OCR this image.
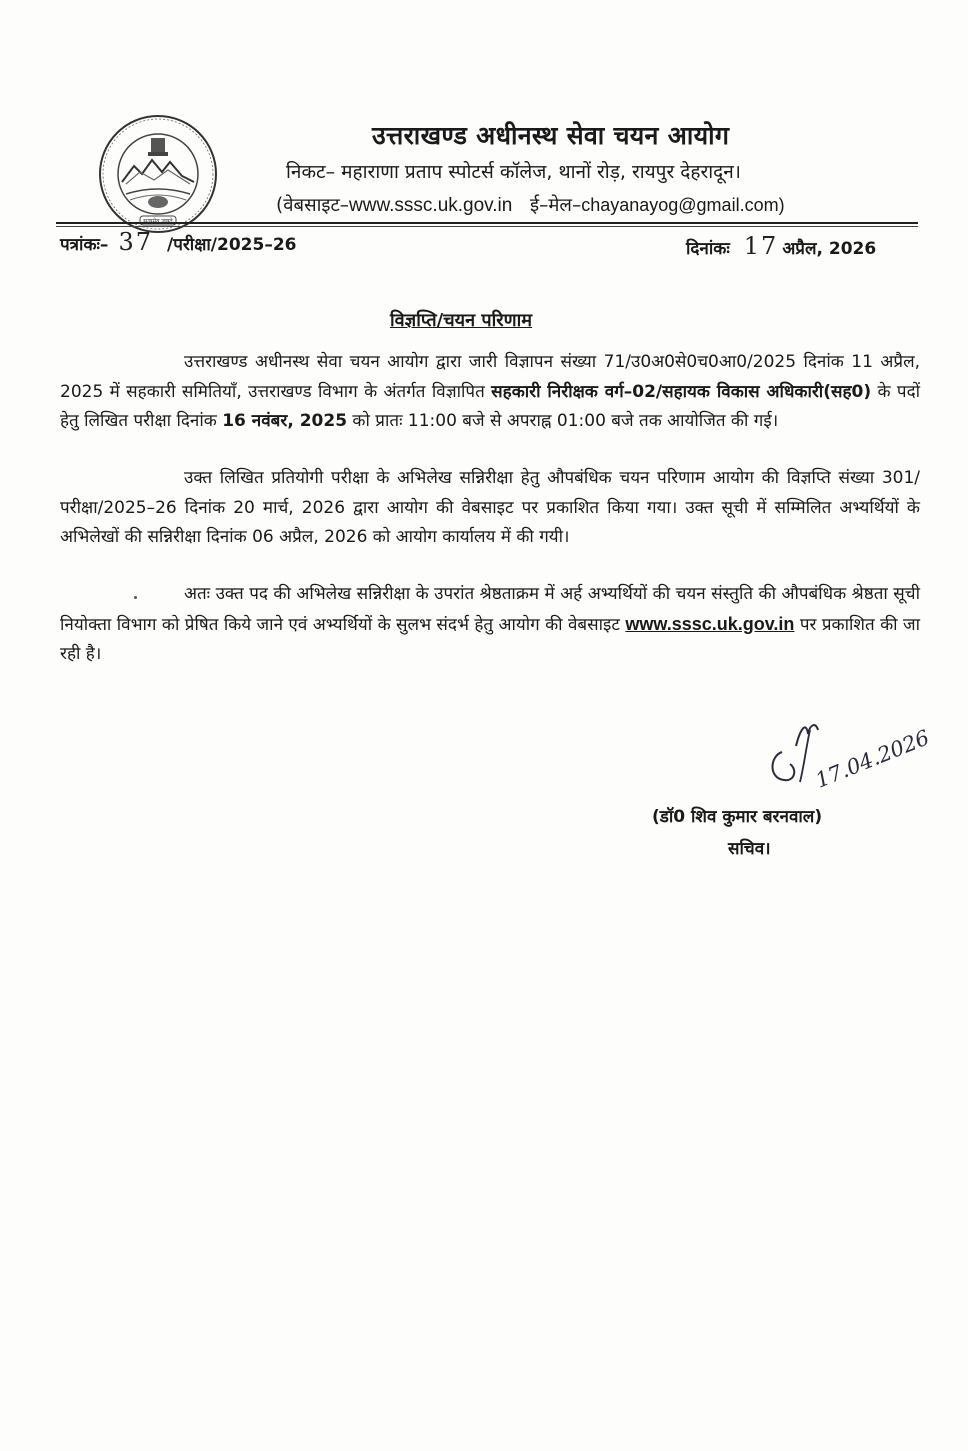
सत्यमेव जयते
उत्तराखण्ड अधीनस्थ सेवा चयन आयोग
निकट– महाराणा प्रताप स्पोटर्स कॉलेज, थानों रोड़, रायपुर देहरादून।
(वेबसाइट–www.sssc.uk.gov.in ई–मेल–chayanayog@gmail.com)
पत्रांकः– 37 /परीक्षा/2025–26	दिनांकः 17 अप्रैल, 2026
विज्ञप्ति/चयन परिणाम
उत्तराखण्ड अधीनस्थ सेवा चयन आयोग द्वारा जारी विज्ञापन संख्या 71/उ0अ0से0च0आ0/2025 दिनांक 11 अप्रैल, 2025 में सहकारी समितियाँ, उत्तराखण्ड विभाग के अंतर्गत विज्ञापित सहकारी निरीक्षक वर्ग–02/सहायक विकास अधिकारी(सह0) के पदों हेतु लिखित परीक्षा दिनांक 16 नवंबर, 2025 को प्रातः 11:00 बजे से अपराह्न 01:00 बजे तक आयोजित की गई।
उक्त लिखित प्रतियोगी परीक्षा के अभिलेख सन्निरीक्षा हेतु औपबंधिक चयन परिणाम आयोग की विज्ञप्ति संख्या 301/परीक्षा/2025–26 दिनांक 20 मार्च, 2026 द्वारा आयोग की वेबसाइट पर प्रकाशित किया गया। उक्त सूची में सम्मिलित अभ्यर्थियों के अभिलेखों की सन्निरीक्षा दिनांक 06 अप्रैल, 2026 को आयोग कार्यालय में की गयी।
अतः उक्त पद की अभिलेख सन्निरीक्षा के उपरांत श्रेष्ठताक्रम में अर्ह अभ्यर्थियों की चयन संस्तुति की औपबंधिक श्रेष्ठता सूची नियोक्ता विभाग को प्रेषित किये जाने एवं अभ्यर्थियों के सुलभ संदर्भ हेतु आयोग की वेबसाइट www.sssc.uk.gov.in पर प्रकाशित की जा रही है।
17.04.2026
(डॉ0 शिव कुमार बरनवाल)
सचिव।
